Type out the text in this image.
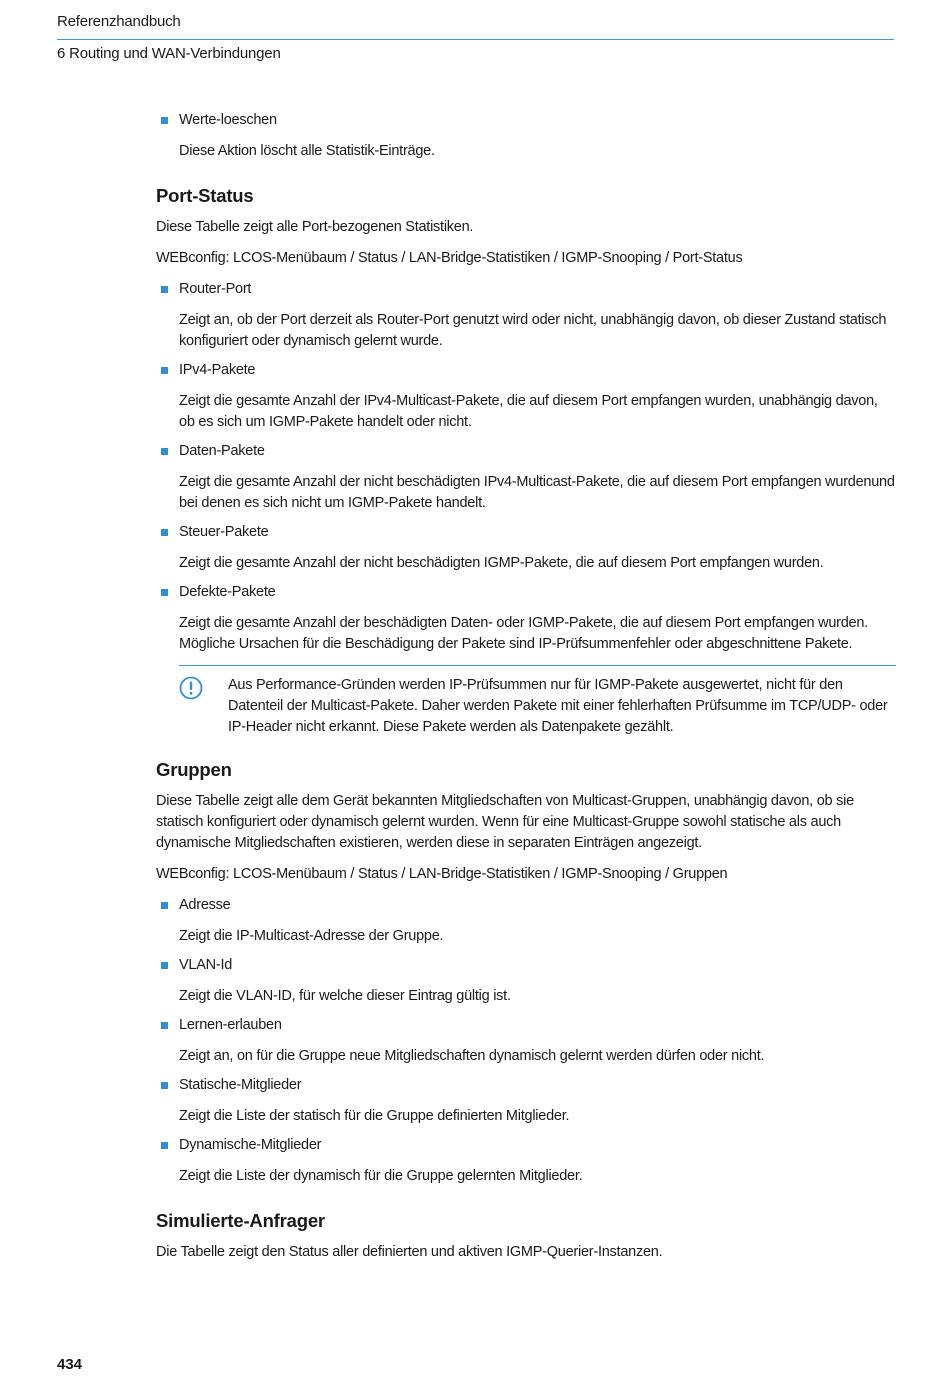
Referenzhandbuch
6 Routing und WAN-Verbindungen

Werte-loeschen

Diese Aktion löscht alle Statistik-Einträge.

Port-Status

Diese Tabelle zeigt alle Port-bezogenen Statistiken.

WEBconfig: LCOS-Menübaum / Status / LAN-Bridge-Statistiken / IGMP-Snooping / Port-Status

Router-Port

Zeigt an, ob der Port derzeit als Router-Port genutzt wird oder nicht, unabhängig davon, ob dieser Zustand statisch konfiguriert oder dynamisch gelernt wurde.

IPv4-Pakete

Zeigt die gesamte Anzahl der IPv4-Multicast-Pakete, die auf diesem Port empfangen wurden, unabhängig davon, ob es sich um IGMP-Pakete handelt oder nicht.

Daten-Pakete

Zeigt die gesamte Anzahl der nicht beschädigten IPv4-Multicast-Pakete, die auf diesem Port empfangen wurdenund bei denen es sich nicht um IGMP-Pakete handelt.

Steuer-Pakete

Zeigt die gesamte Anzahl der nicht beschädigten IGMP-Pakete, die auf diesem Port empfangen wurden.

Defekte-Pakete

Zeigt die gesamte Anzahl der beschädigten Daten- oder IGMP-Pakete, die auf diesem Port empfangen wurden. Mögliche Ursachen für die Beschädigung der Pakete sind IP-Prüfsummenfehler oder abgeschnittene Pakete.

Aus Performance-Gründen werden IP-Prüfsummen nur für IGMP-Pakete ausgewertet, nicht für den Datenteil der Multicast-Pakete. Daher werden Pakete mit einer fehlerhaften Prüfsumme im TCP/UDP- oder IP-Header nicht erkannt. Diese Pakete werden als Datenpakete gezählt.
Gruppen

Diese Tabelle zeigt alle dem Gerät bekannten Mitgliedschaften von Multicast-Gruppen, unabhängig davon, ob sie statisch konfiguriert oder dynamisch gelernt wurden. Wenn für eine Multicast-Gruppe sowohl statische als auch dynamische Mitgliedschaften existieren, werden diese in separaten Einträgen angezeigt.

WEBconfig: LCOS-Menübaum / Status / LAN-Bridge-Statistiken / IGMP-Snooping / Gruppen

Adresse

Zeigt die IP-Multicast-Adresse der Gruppe.

VLAN-Id

Zeigt die VLAN-ID, für welche dieser Eintrag gültig ist.

Lernen-erlauben

Zeigt an, on für die Gruppe neue Mitgliedschaften dynamisch gelernt werden dürfen oder nicht.

Statische-Mitglieder

Zeigt die Liste der statisch für die Gruppe definierten Mitglieder.

Dynamische-Mitglieder

Zeigt die Liste der dynamisch für die Gruppe gelernten Mitglieder.

Simulierte-Anfrager

Die Tabelle zeigt den Status aller definierten und aktiven IGMP-Querier-Instanzen.

434
